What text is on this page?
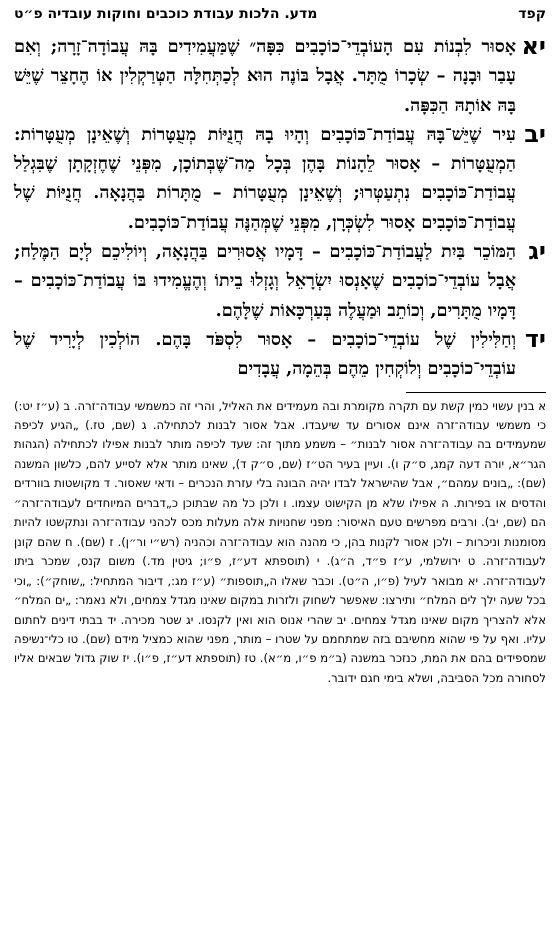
קפד
מדע. הלכות עבודת כוכבים וחוקות עובדיה פ״ט
יא
אָסוּר לִבְנוֹת עִם הָעוֹבְדֵי־כוֹכָבִים כִּפָּה״ שֶׁמַּעֲמִידִים בָּהּ עֲבוֹדָה־זָרָה; וְאִם עָבַר וּבָנָה – שְׂכָרוֹ מֻתָּר. אֲבָל בּוֹנֶה הוּא לְכַתְּחִלָּה הַטְּרַקְלִין אוֹ הֶחָצֵר שֶׁיֵּשׁ בָּהּ אוֹתָהּ הַכִּפָּה.
יב
עִיר שֶׁיֵּשׁ־בָּהּ עֲבוֹדַת־כּוֹכָבִים וְהָיוּ בָהּ חֲנֻיּוֹת מְעֻטָּרוֹת וְשֶׁאֵינָן מְעֻטָּרוֹת: הַמְעֻטָּרוֹת – אָסוּר לֵהָנוֹת בָּהֶן בְּכָל מַה־שֶּׁבְּתוֹכָן, מִפְּנֵי שֶׁחֶזְקָתָן שֶׁבִּגְלַל עֲבוֹדַת־כּוֹכָבִים נִתְעַטְּרוּ; וְשֶׁאֵינָן מְעֻטָּרוֹת – מֻתָּרוֹת בַּהֲנָאָה. חֲנֻיּוֹת שֶׁל עֲבוֹדַת־כּוֹכָבִים אָסוּר לִשְׂכְּרָן, מִפְּנֵי שֶׁמְּהַנֶּה עֲבוֹדַת־כּוֹכָבִים.
יג
הַמּוֹכֵר בַּיִת לַעֲבוֹדַת־כּוֹכָבִים – דָּמָיו אֲסוּרִים בַּהֲנָאָה, וְיוֹלִיכֵם לְיָם הַמֶּלַח; אֲבָל עוֹבְדֵי־כוֹכָבִים שֶׁאָנְסוּ יִשְׂרָאֵל וְגָזְלוּ בֵיתוֹ וְהֶעֱמִידוּ בּוֹ עֲבוֹדַת־כּוֹכָבִים – דָּמָיו מֻתָּרִים, וְכוֹתֵב וּמַעֲלֶה בְּעַרְכָּאוֹת שֶׁלָּהֶם.
יד
וְחַלִּילִין שֶׁל עוֹבְדֵי־כוֹכָבִים – אָסוּר לִסְפֹּד בָּהֶם. הוֹלְכִין לְיָרִיד שֶׁל עוֹבְדֵי־כוֹכָבִים וְלוֹקְחִין מֵהֶם בְּהֵמָה, עֲבָדִים
א בנין עשוי כמין קשת עם תקרה מקומרת ובה מעמידים את האליל, והרי זה כמשמשי עבודה־זרה. ב (ע״ז יט:) כי משמשי עבודה־זרה אינם אסורים עד שיעבדו. אבל אסור לבנות לכתחילה. ג (שם, טז.) „הגיע לכיפה שמעמידים בה עבודה־זרה אסור לבנות״ – משמע מתוך זה: שעד לכיפה מותר לבנות אפילו לכתחילה (הגהות הגר״א, יורה דעה קמג, ס״ק ו). ועיין בעיר הט״ז (שם, ס״ק ד), שאינו מותר אלא לסייע להם, כלשון המשנה (שם): „בונים עמהם״, אבל שהישראל לבדו יהיה הבונה בלי עזרת הנכרים – ודאי שאסור. ד מקושטות בוורדים והדסים או בפירות. ה אפילו שלא מן הקישוט עצמו. ו ולכן כל מה שבתוכן כ„דברים המיוחדים לעבודה־זרה״ הם (שם, יב). ורבים מפרשים טעם האיסור: מפני שחנויות אלה מעלות מכס לכהני עבודה־זרה ונתקשטו להיות מסומנות וניכרות – ולכן אסור לקנות בהן, כי מהנה הוא עבודה־זרה וכהניה (רש״י ור״ן). ז (שם). ח שהם קונן לעבודה־זרה. ט ירושלמי, ע״ז פ״ד, ה״ג). י (תוספתא דע״ז, פ״ו; גיטין מד.) משום קנס, שמכר ביתו לעבודה־זרה. יא מבואר לעיל (פ״ו, ה״ט). וכבר שאלו ה„תוספות״ (ע״ז מג:, דיבור המתחיל: „שוחק״): „וכי בכל שעה ילך לים המלח״ ותירצו: שאפשר לשחוק ולזרות במקום שאינו מגדל צמחים, ולא נאמר: „ים המלח״ אלא להצריך מקום שאינו מגדל צמחים. יב שהרי אנוס הוא ואין לקנסו. יג שטר מכירה. יד בבתי דינים לחתום עליו. ואף על פי שהוא מחשיבם בזה שמתחמם על שטרו – מותר, מפני שהוא כמציל מידם (שם). טו כלי־נשיפה שמספידים בהם את המת, כנזכר במשנה (ב״מ פ״ו, מ״א). טז (תוספתא דע״ז, פ״ו). יז שוק גדול שבאים אליו לסחורה מכל הסביבה, ושלא בימי חגם ידובר.
